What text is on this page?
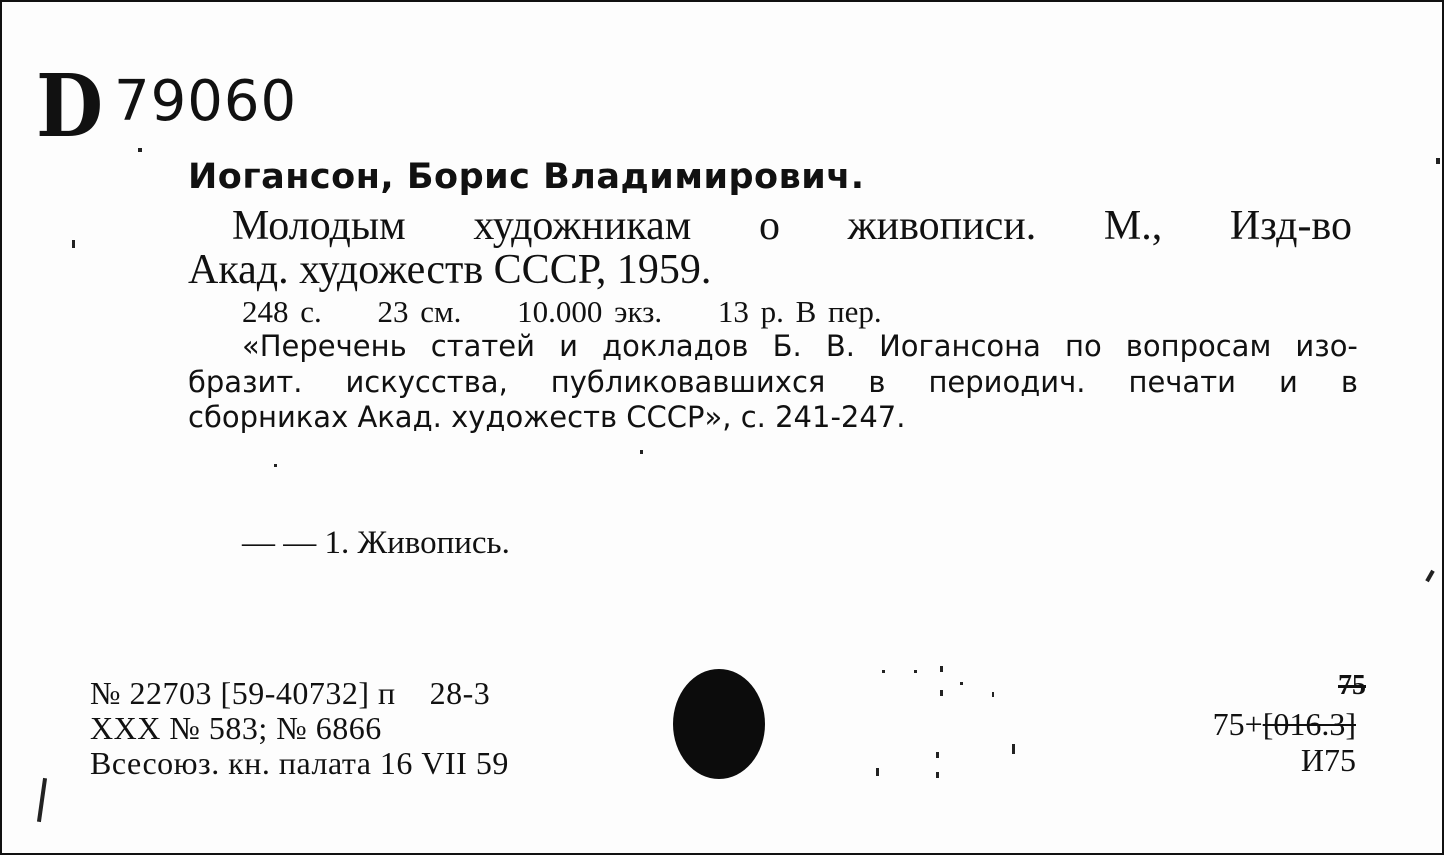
D 79060
Иогансон, Борис Владимирович.
Молодым художникам о живописи. М., Изд-во
Акад. художеств СССР, 1959.
248 с. 23 см. 10.000 экз. 13 р. В пер.
«Перечень статей и докладов Б. В. Иогансона по вопросам изо-
бразит. искусства, публиковавшихся в периодич. печати и в
сборниках Акад. художеств СССР», с. 241-247.
— — 1. Живопись.
№ 22703 [59-40732] п 28-3
XXX № 583; № 6866
Всесоюз. кн. палата 16 VII 59
75
75+[016.3]
И75
